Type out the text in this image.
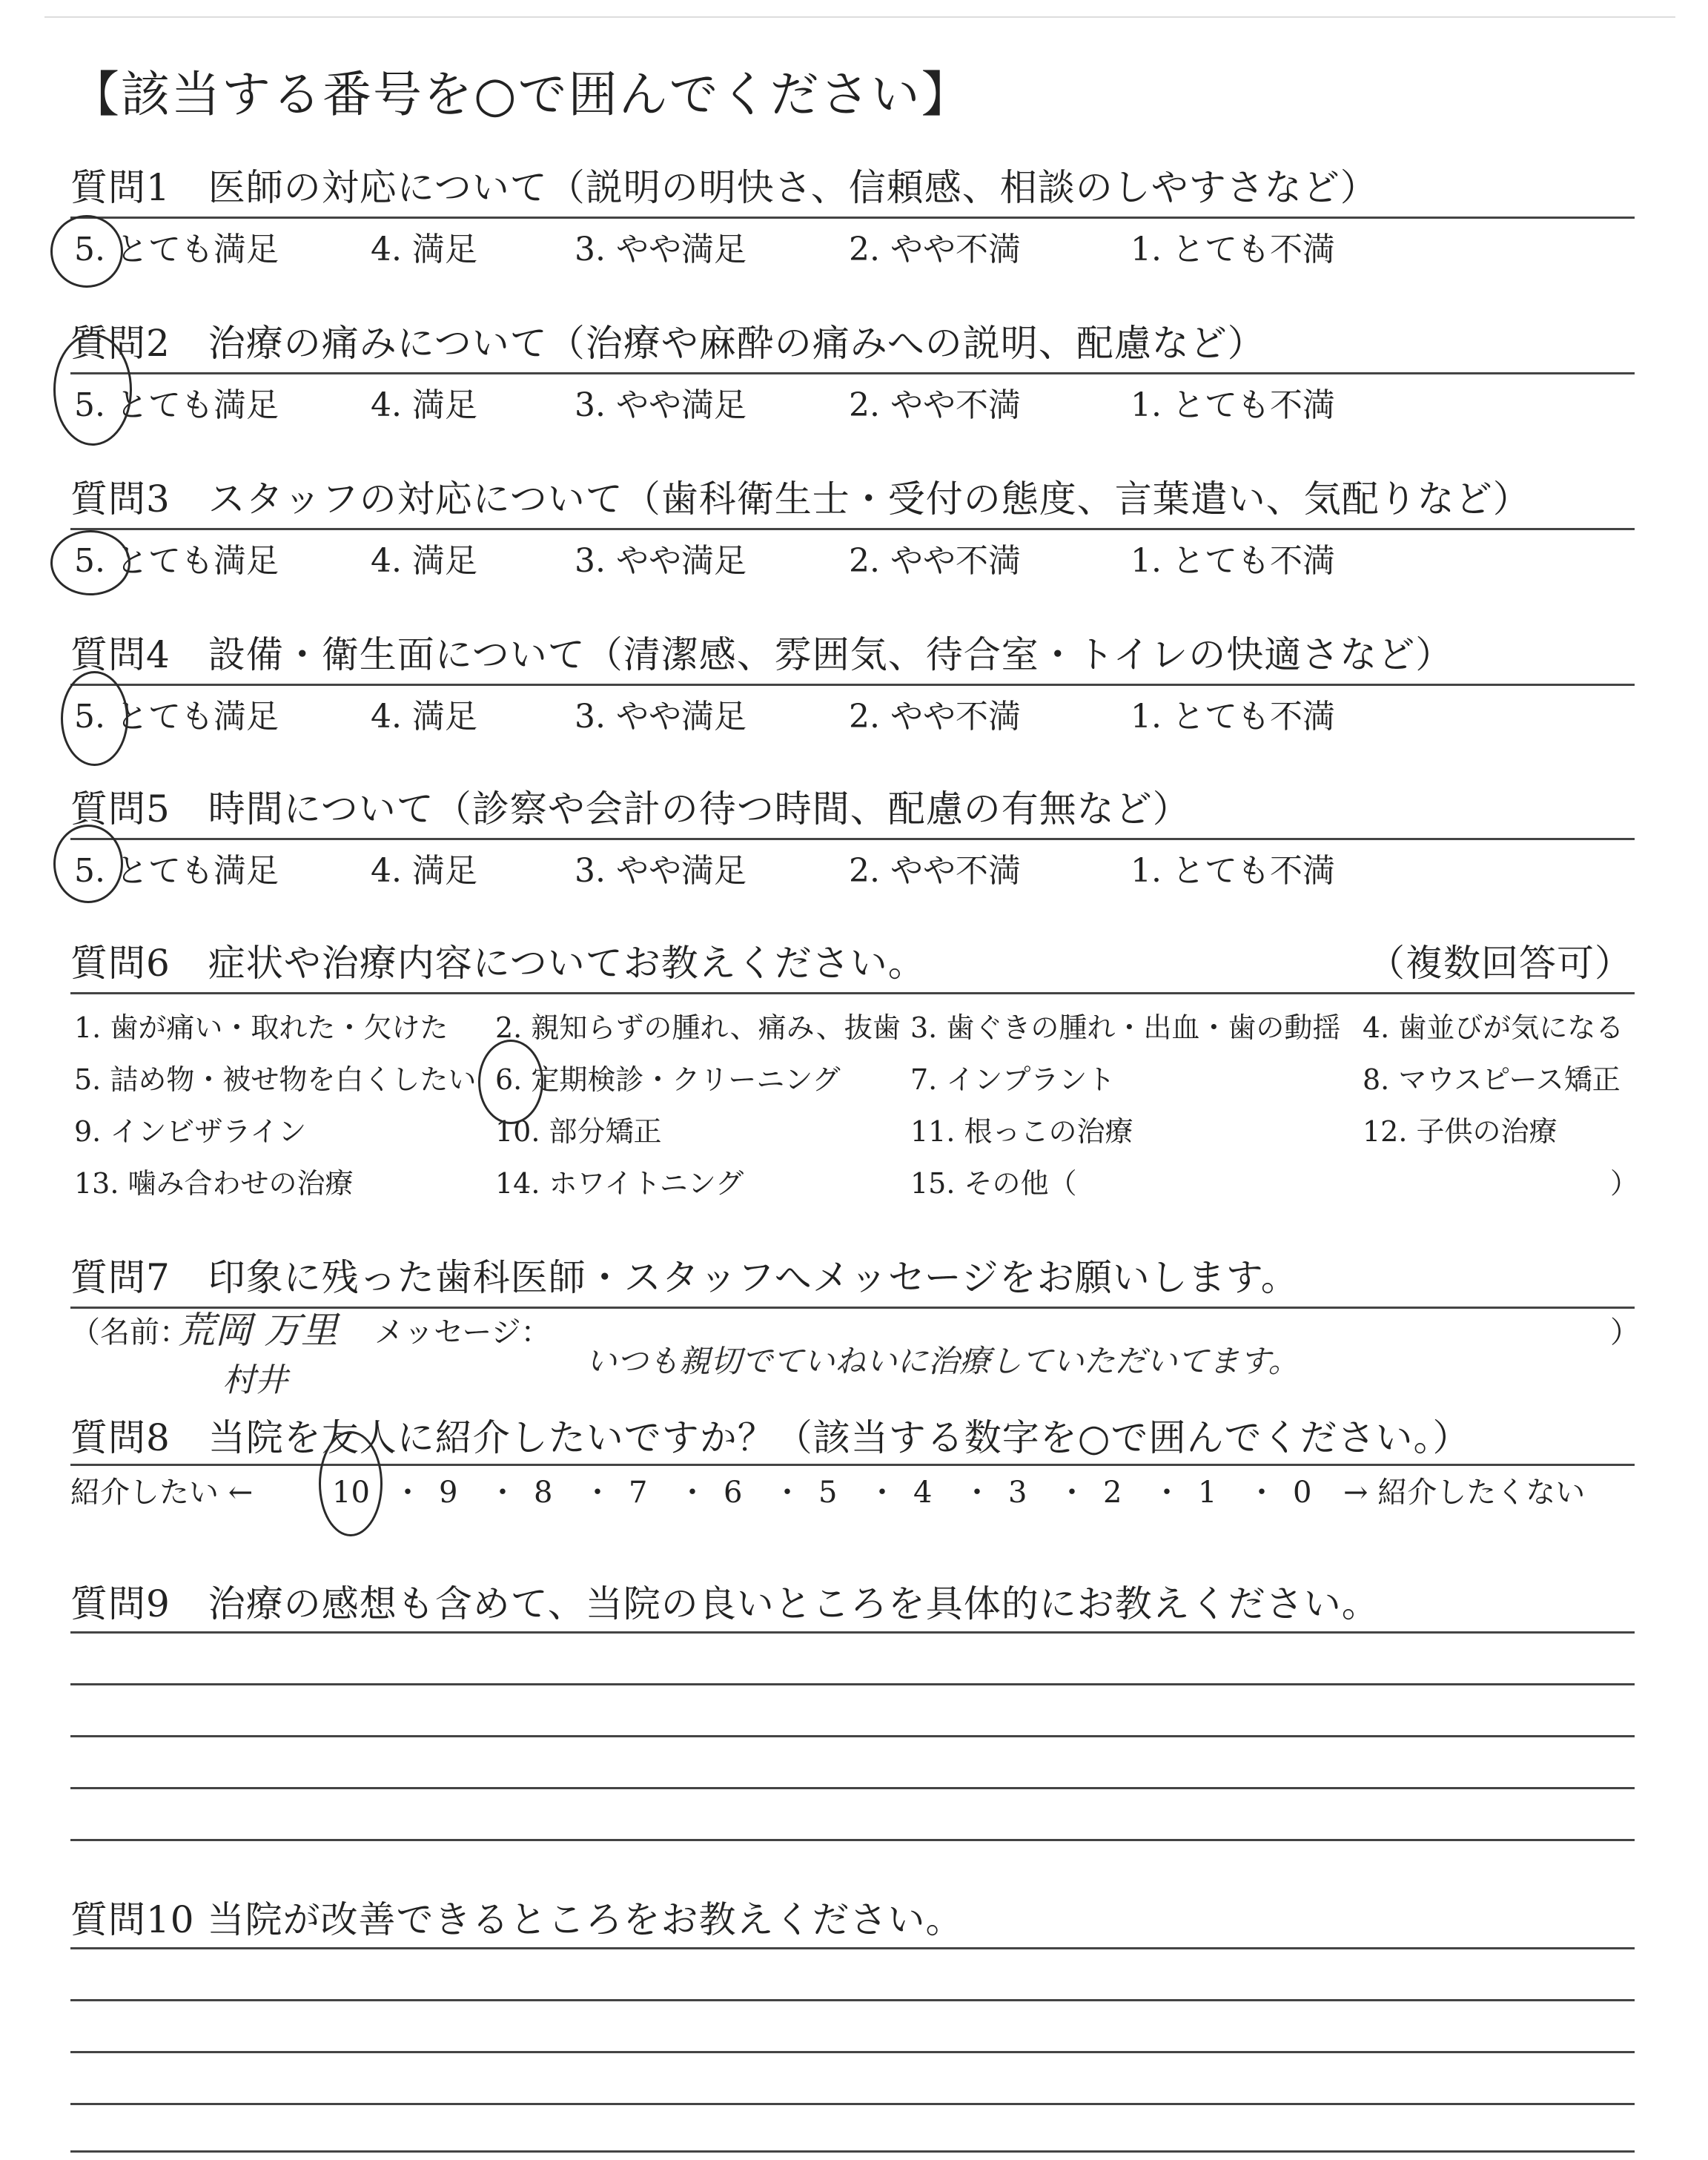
【該当する番号を○で囲んでください】
質問1　医師の対応について（説明の明快さ、信頼感、相談のしやすさなど）
5. とても満足	4. 満足	3. やや満足	2. やや不満	1. とても不満
質問2　治療の痛みについて（治療や麻酔の痛みへの説明、配慮など）
5. とても満足	4. 満足	3. やや満足	2. やや不満	1. とても不満
質問3　スタッフの対応について（歯科衛生士・受付の態度、言葉遣い、気配りなど）
5. とても満足	4. 満足	3. やや満足	2. やや不満	1. とても不満
質問4　設備・衛生面について（清潔感、雰囲気、待合室・トイレの快適さなど）
5. とても満足	4. 満足	3. やや満足	2. やや不満	1. とても不満
質問5　時間について（診察や会計の待つ時間、配慮の有無など）
5. とても満足	4. 満足	3. やや満足	2. やや不満	1. とても不満
質問6　症状や治療内容についてお教えください。	（複数回答可）
1. 歯が痛い・取れた・欠けた 2. 親知らずの腫れ、痛み、抜歯 3. 歯ぐきの腫れ・出血・歯の動揺 4. 歯並びが気になる
5. 詰め物・被せ物を白くしたい 6. 定期検診・クリーニング 7. インプラント	8. マウスピース矯正
9. インビザライン	10. 部分矯正	11. 根っこの治療	12. 子供の治療
13. 噛み合わせの治療	14. ホワイトニング	15. その他（	）
質問7　印象に残った歯科医師・スタッフへメッセージをお願いします。
（名前：
荒岡 万里
村井
メッセージ：
いつも親切でていねいに治療していただいてます。
）
質問8　当院を友人に紹介したいですか？（該当する数字を○で囲んでください。）
紹介したい ←	10 ・ 9 ・ 8 ・ 7 ・ 6 ・ 5 ・ 4 ・ 3 ・ 2 ・ 1 ・ 0 → 紹介したくない
質問9　治療の感想も含めて、当院の良いところを具体的にお教えください。
質問10 当院が改善できるところをお教えください。
